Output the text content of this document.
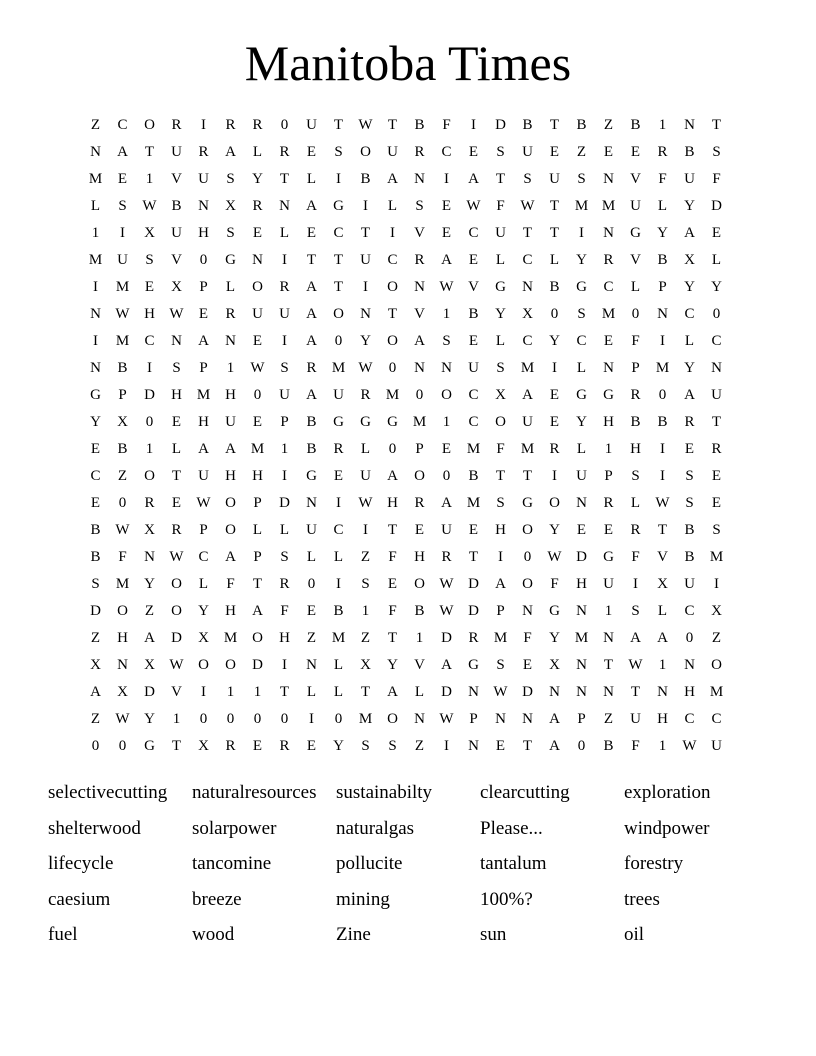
Manitoba Times
Z	C	O	R	I	R	R	0	U	T	W	T	B	F	I	D	B	T	B	Z	B	1	N	T
N	A	T	U	R	A	L	R	E	S	O	U	R	C	E	S	U	E	Z	E	E	R	B	S
M	E	1	V	U	S	Y	T	L	I	B	A	N	I	A	T	S	U	S	N	V	F	U	F
L	S	W B	N	X	R	N	A	G	I	L	S	E	W	F	W	T	M M U	L	Y	D
1	I	X	U	H	S	E	L	E	C	T	I	V	E	C	U	T	T	I	N	G	Y	A	E
M U	S	V	0	G	N	I	T	T	U	C	R	A	E	L	C	L	Y	R	V	B	X	L
I	M	E	X	P	L	O	R	A	T	I	O	N W V	G	N	B	G	C	L	P	Y	Y
N W H W	E	R	U	U	A	O	N	T	V	1	B	Y	X	0	S	M	0	N	C	0
I	M	C	N	A	N	E	I	A	0	Y	O	A	S	E	L	C	Y	C	E	F	I	L	C
N	B	I	S	P	1	W	S	R	M W	0	N	N	U	S	M	I	L	N	P	M Y	N
G	P	D	H M H	0	U	A	U	R	M	0	O	C	X	A	E	G	G	R	0	A	U
Y	X	0	E	H	U	E	P	B	G	G	G M	1	C	O	U	E	Y	H	B	B	R	T
E	B	1	L	A	A M	1	B	R	L	0	P	E	M	F	M	R	L	1	H	I	E	R
C	Z	O	T	U	H	H	I	G	E	U	A	O	0	B	T	T	I	U	P	S	I	S	E
E	0	R	E	W O	P	D	N	I	W H	R	A M	S	G	O	N	R	L	W	S	E
B W X	R	P	O	L	L	U	C	I	T	E	U	E	H	O	Y	E	E	R	T	B	S
B	F	N W C	A	P	S	L	L	Z	F	H	R	T	I	0	W D	G	F	V	B	M
S	M Y	O	L	F	T	R	0	I	S	E	O W D	A	O	F	H	U	I	X	U	I
D	O	Z	O	Y	H	A	F	E	B	1	F	B W D	P	N	G	N	1	S	L	C	X
Z	H	A	D	X M O	H	Z	M	Z	T	1	D	R	M	F	Y M N	A	A	0	Z
X	N	X W O	O	D	I	N	L	X	Y	V	A	G	S	E	X	N	T	W	1	N	O
A	X	D	V	I	1	1	T	L	L	T	A	L	D	N W D	N	N	N	T	N	H M
Z	W Y	1	0	0	0	0	I	0	M O	N W	P	N	N	A	P	Z	U	H	C	C
0	0	G	T	X	R	E	R	E	Y	S	S	Z	I	N	E	T	A	0	B	F	1	W U
selectivecutting	naturalresources	sustainabilty	clearcutting	exploration
shelterwood	solarpower	naturalgas	Please...	windpower
lifecycle	tancomine	pollucite	tantalum	forestry
caesium	breeze	mining	100%?	trees
fuel	wood	Zine	sun	oil
